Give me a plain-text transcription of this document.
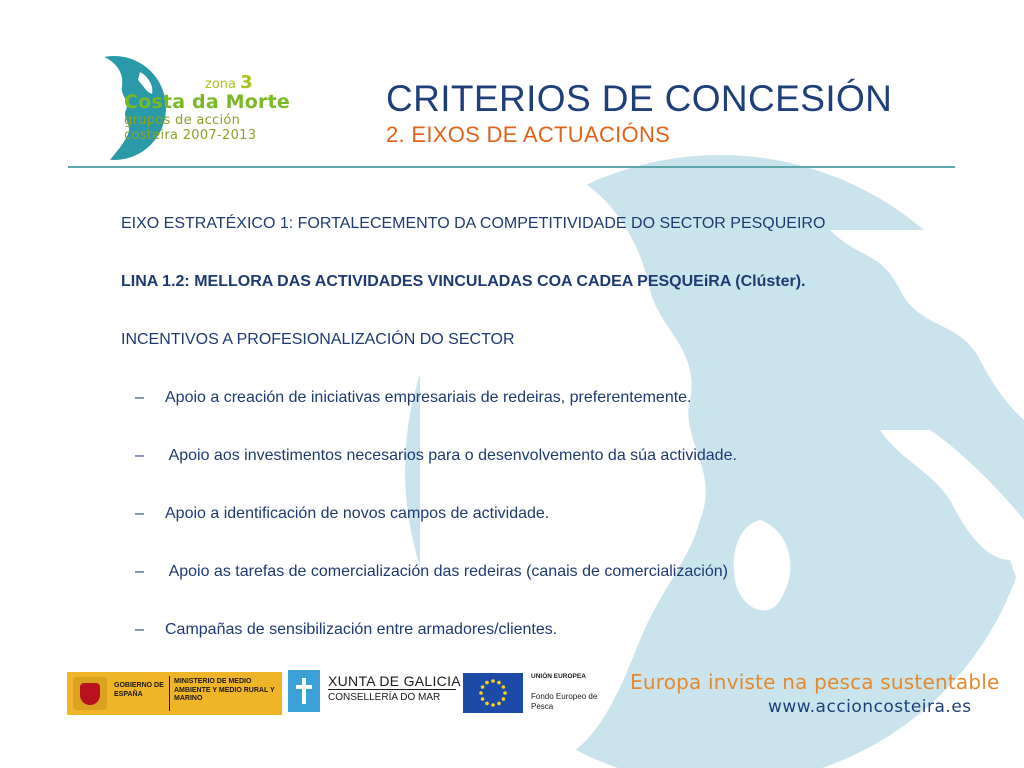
zona 3
Costa da Morte
grupos de acción
costeira 2007-2013
CRITERIOS DE CONCESIÓN
2. EIXOS DE ACTUACIÓNS
EIXO ESTRATÉXICO 1: FORTALECEMENTO DA COMPETITIVIDADE DO SECTOR PESQUEIRO
LINA 1.2: MELLORA DAS ACTIVIDADES VINCULADAS COA CADEA PESQUEiRA (Clúster).
INCENTIVOS A PROFESIONALIZACIÓN DO SECTOR
– Apoio a creación de iniciativas empresariais de redeiras, preferentemente.
– Apoio aos investimentos necesarios para o desenvolvemento da súa actividade.
– Apoio a identificación de novos campos de actividade.
– Apoio as tarefas de comercialización das redeiras (canais de comercialización)
– Campañas de sensibilización entre armadores/clientes.
GOBIERNO DE ESPAÑA
MINISTERIO DE MEDIO AMBIENTE Y MEDIO RURAL Y MARINO
XUNTA DE GALICIA
CONSELLERÍA DO MAR
UNIÓN EUROPEA
Fondo Europeo de Pesca
Europa inviste na pesca sustentable
www.accioncosteira.es
